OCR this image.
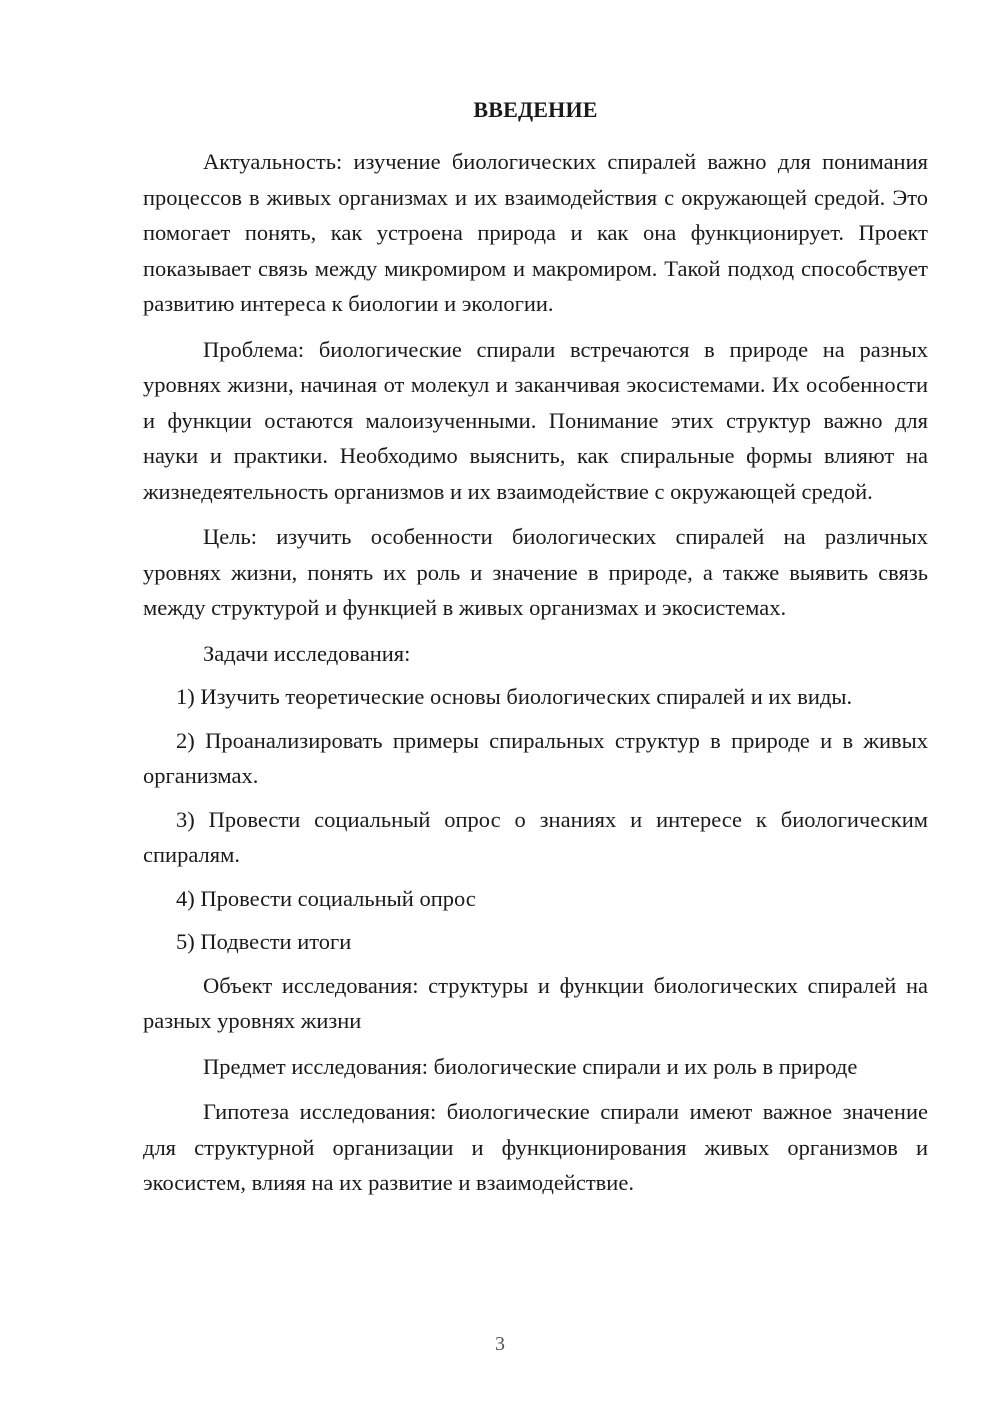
ВВЕДЕНИЕ

Актуальность: изучение биологических спиралей важно для понимания процессов в живых организмах и их взаимодействия с окружающей средой. Это помогает понять, как устроена природа и как она функционирует. Проект показывает связь между микромиром и макромиром. Такой подход способствует развитию интереса к биологии и экологии.

Проблема: биологические спирали встречаются в природе на разных уровнях жизни, начиная от молекул и заканчивая экосистемами. Их особенности и функции остаются малоизученными. Понимание этих структур важно для науки и практики. Необходимо выяснить, как спиральные формы влияют на жизнедеятельность организмов и их взаимодействие с окружающей средой.

Цель: изучить особенности биологических спиралей на различных уровнях жизни, понять их роль и значение в природе, а также выявить связь между структурой и функцией в живых организмах и экосистемах.

Задачи исследования:

1) Изучить теоретические основы биологических спиралей и их виды.

2) Проанализировать примеры спиральных структур в природе и в живых организмах.

3) Провести социальный опрос о знаниях и интересе к биологическим спиралям.

4) Провести социальный опрос

5) Подвести итоги

Объект исследования: структуры и функции биологических спиралей на разных уровнях жизни

Предмет исследования: биологические спирали и их роль в природе

Гипотеза исследования: биологические спирали имеют важное значение для структурной организации и функционирования живых организмов и экосистем, влияя на их развитие и взаимодействие.

3
